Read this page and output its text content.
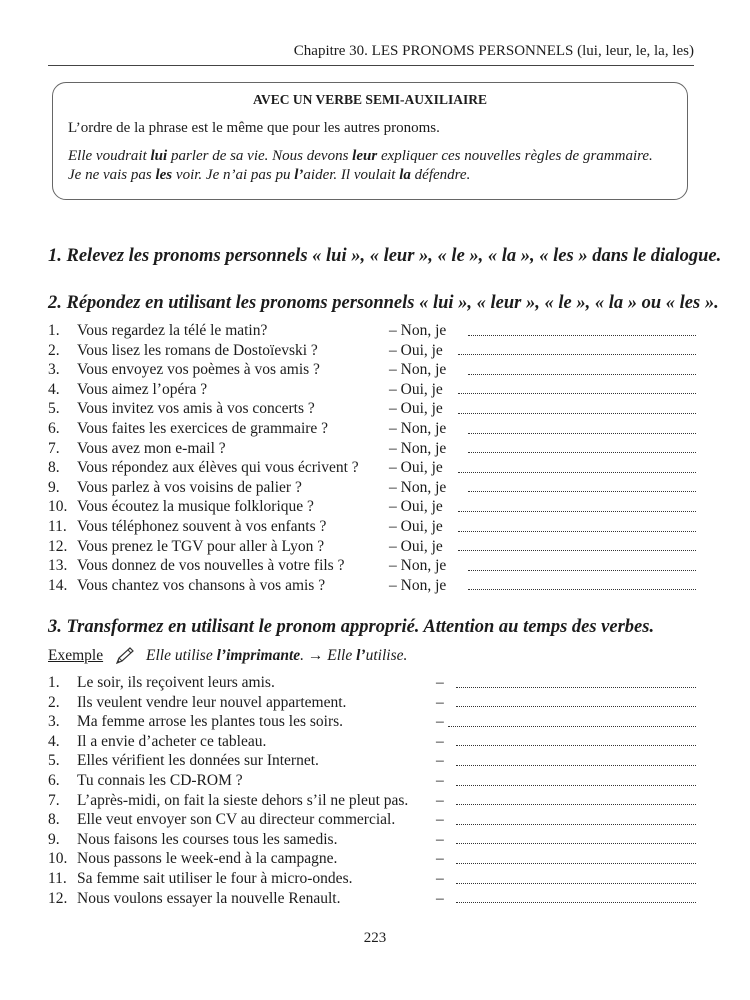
Chapitre 30. LES PRONOMS PERSONNELS (lui, leur, le, la, les)
AVEC UN VERBE SEMI-AUXILIAIRE
L’ordre de la phrase est le même que pour les autres pronoms.
Elle voudrait lui parler de sa vie. Nous devons leur expliquer ces nouvelles règles de grammaire.
Je ne vais pas les voir. Je n’ai pas pu l’aider. Il voulait la défendre.
1. Relevez les pronoms personnels « lui », « leur », « le », « la », « les » dans le dialogue.
2. Répondez en utilisant les pronoms personnels « lui », « leur », « le », « la » ou « les ».
1. Vous regardez la télé le matin?	– Non, je
2. Vous lisez les romans de Dostoïevski ?	– Oui, je
3. Vous envoyez vos poèmes à vos amis ?	– Non, je
4. Vous aimez l’opéra ?	– Oui, je
5. Vous invitez vos amis à vos concerts ?	– Oui, je
6. Vous faites les exercices de grammaire ?	– Non, je
7. Vous avez mon e-mail ?	– Non, je
8. Vous répondez aux élèves qui vous écrivent ? – Oui, je
9. Vous parlez à vos voisins de palier ?	– Non, je
10. Vous écoutez la musique folklorique ?	– Oui, je
11. Vous téléphonez souvent à vos enfants ?	– Oui, je
12. Vous prenez le TGV pour aller à Lyon ?	– Oui, je
13. Vous donnez de vos nouvelles à votre fils ?	– Non, je
14. Vous chantez vos chansons à vos amis ?	– Non, je
3. Transformez en utilisant le pronom approprié. Attention au temps des verbes.
Exemple	Elle utilise l’imprimante. → Elle l’utilise.
1. Le soir, ils reçoivent leurs amis.	–
2. Ils veulent vendre leur nouvel appartement.	–
3. Ma femme arrose les plantes tous les soirs.	–
4. Il a envie d’acheter ce tableau.	–
5. Elles vérifient les données sur Internet.	–
6. Tu connais les CD-ROM ?	–
7. L’après-midi, on fait la sieste dehors s’il ne pleut pas. –
8. Elle veut envoyer son CV au directeur commercial.	–
9. Nous faisons les courses tous les samedis.	–
10. Nous passons le week-end à la campagne.	–
11. Sa femme sait utiliser le four à micro-ondes.	–
12. Nous voulons essayer la nouvelle Renault.	–
223
